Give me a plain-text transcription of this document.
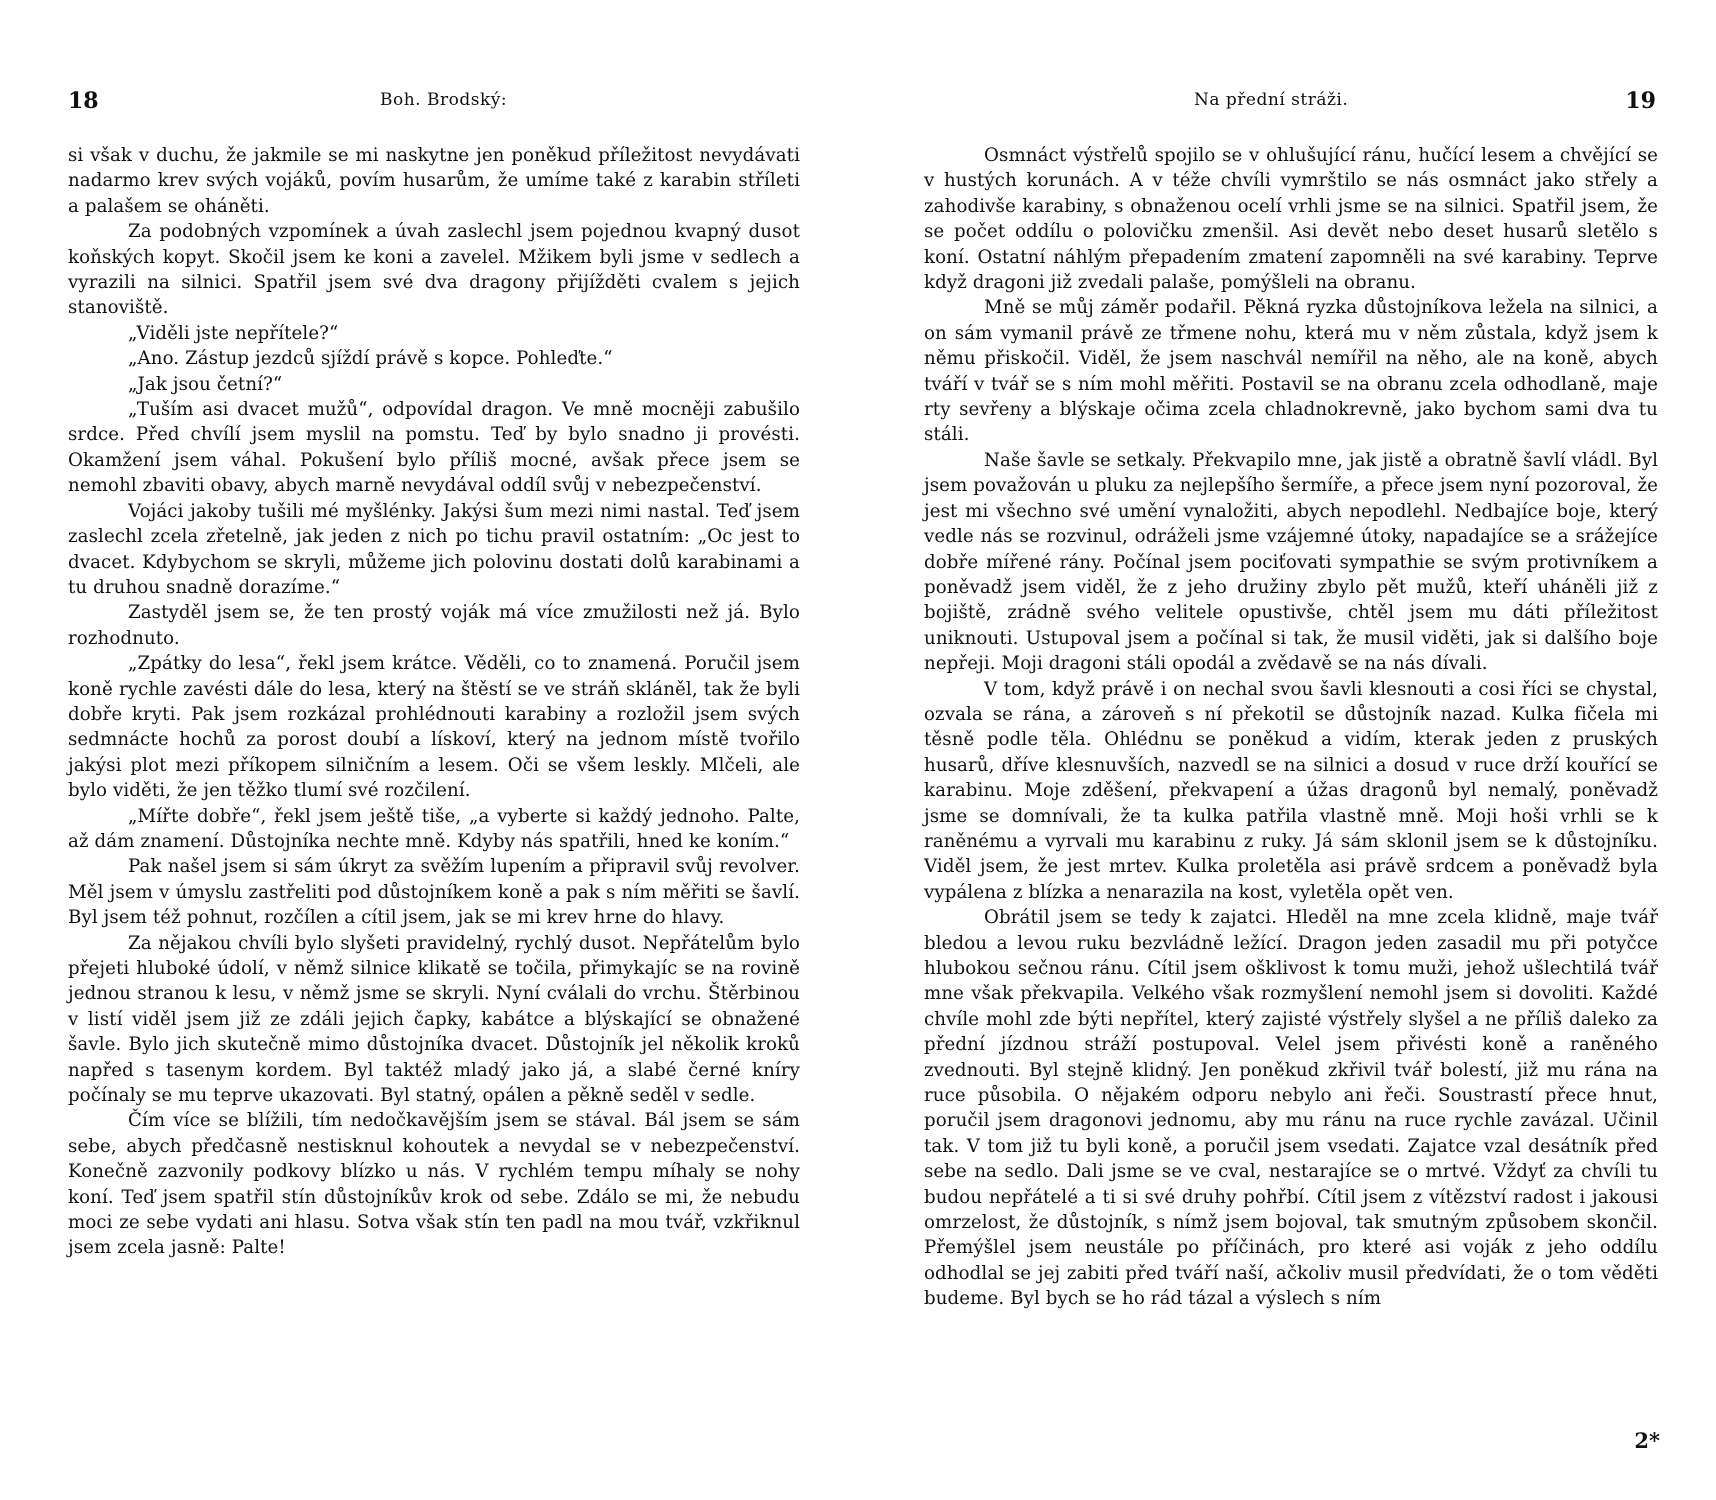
18	Boh. Brodský:

si však v duchu, že jakmile se mi naskytne jen poněkud příležitost nevydávati nadarmo krev svých vojáků, povím husarům, že umíme také z karabin stříleti a palašem se oháněti.

Za podobných vzpomínek a úvah zaslechl jsem pojednou kvapný dusot koňských kopyt. Skočil jsem ke koni a zavelel. Mžikem byli jsme v sedlech a vyrazili na silnici. Spatřil jsem své dva dragony přijížděti cvalem s jejich stanoviště.

„Viděli jste nepřítele?“

„Ano. Zástup jezdců sjíždí právě s kopce. Pohleďte.“

„Jak jsou četní?“

„Tuším asi dvacet mužů“, odpovídal dragon. Ve mně mocněji zabušilo srdce. Před chvílí jsem myslil na pomstu. Teď by bylo snadno ji provésti. Okamžení jsem váhal. Pokušení bylo příliš mocné, avšak přece jsem se nemohl zbaviti obavy, abych marně nevydával oddíl svůj v nebezpečenství.

Vojáci jakoby tušili mé myšlénky. Jakýsi šum mezi nimi nastal. Teď jsem zaslechl zcela zřetelně, jak jeden z nich po tichu pravil ostatním: „Oc jest to dvacet. Kdybychom se skryli, můžeme jich polovinu dostati dolů karabinami a tu druhou snadně dorazíme.“

Zastyděl jsem se, že ten prostý voják má více zmužilosti než já. Bylo rozhodnuto.

„Zpátky do lesa“, řekl jsem krátce. Věděli, co to znamená. Poručil jsem koně rychle zavésti dále do lesa, který na štěstí se ve stráň skláněl, tak že byli dobře kryti. Pak jsem rozkázal prohlédnouti karabiny a rozložil jsem svých sedmnácte hochů za porost doubí a lískoví, který na jednom místě tvořilo jakýsi plot mezi příkopem silničním a lesem. Oči se všem leskly. Mlčeli, ale bylo viděti, že jen těžko tlumí své rozčilení.

„Mířte dobře“, řekl jsem ještě tiše, „a vyberte si každý jednoho. Palte, až dám znamení. Důstojníka nechte mně. Kdyby nás spatřili, hned ke koním.“

Pak našel jsem si sám úkryt za svěžím lupením a připravil svůj revolver. Měl jsem v úmyslu zastřeliti pod důstojníkem koně a pak s ním měřiti se šavlí. Byl jsem též pohnut, rozčílen a cítil jsem, jak se mi krev hrne do hlavy.

Za nějakou chvíli bylo slyšeti pravidelný, rychlý dusot. Nepřátelům bylo přejeti hluboké údolí, v němž silnice klikatě se točila, přimykajíc se na rovině jednou stranou k lesu, v němž jsme se skryli. Nyní cválali do vrchu. Štěrbinou v listí viděl jsem již ze zdáli jejich čapky, kabátce a blýskající se obnažené šavle. Bylo jich skutečně mimo důstojníka dvacet. Důstojník jel několik kroků napřed s tasenym kordem. Byl taktéž mladý jako já, a slabé černé kníry počínaly se mu teprve ukazovati. Byl statný, opálen a pěkně seděl v sedle.

Čím více se blížili, tím nedočkavějším jsem se stával. Bál jsem se sám sebe, abych předčasně nestisknul kohoutek a nevydal se v nebezpečenství. Konečně zazvonily podkovy blízko u nás. V rychlém tempu míhaly se nohy koní. Teď jsem spatřil stín důstojníkův krok od sebe. Zdálo se mi, že nebudu moci ze sebe vydati ani hlasu. Sotva však stín ten padl na mou tvář, vzkřiknul jsem zcela jasně: Palte!

Na přední stráži.	19

Osmnáct výstřelů spojilo se v ohlušující ránu, hučící lesem a chvějící se v hustých korunách. A v téže chvíli vymrštilo se nás osmnáct jako střely a zahodivše karabiny, s obnaženou ocelí vrhli jsme se na silnici. Spatřil jsem, že se počet oddílu o polovičku zmenšil. Asi devět nebo deset husarů sletělo s koní. Ostatní náhlým přepadením zmatení zapomněli na své karabiny. Teprve když dragoni již zvedali palaše, pomýšleli na obranu.

Mně se můj záměr podařil. Pěkná ryzka důstojníkova ležela na silnici, a on sám vymanil právě ze třmene nohu, která mu v něm zůstala, když jsem k němu přiskočil. Viděl, že jsem naschvál nemířil na něho, ale na koně, abych tváří v tvář se s ním mohl měřiti. Postavil se na obranu zcela odhodlaně, maje rty sevřeny a blýskaje očima zcela chladnokrevně, jako bychom sami dva tu stáli.

Naše šavle se setkaly. Překvapilo mne, jak jistě a obratně šavlí vládl. Byl jsem považován u pluku za nejlepšího šermíře, a přece jsem nyní pozoroval, že jest mi všechno své umění vynaložiti, abych nepodlehl. Nedbajíce boje, který vedle nás se rozvinul, odráželi jsme vzájemné útoky, napadajíce se a srážejíce dobře mířené rány. Počínal jsem pociťovati sympathie se svým protivníkem a poněvadž jsem viděl, že z jeho družiny zbylo pět mužů, kteří uháněli již z bojiště, zrádně svého velitele opustivše, chtěl jsem mu dáti příležitost uniknouti. Ustupoval jsem a počínal si tak, že musil viděti, jak si dalšího boje nepřeji. Moji dragoni stáli opodál a zvědavě se na nás dívali.

V tom, když právě i on nechal svou šavli klesnouti a cosi říci se chystal, ozvala se rána, a zároveň s ní překotil se důstojník nazad. Kulka fičela mi těsně podle těla. Ohlédnu se poněkud a vidím, kterak jeden z pruských husarů, dříve klesnuvších, nazvedl se na silnici a dosud v ruce drží kouřící se karabinu. Moje zděšení, překvapení a úžas dragonů byl nemalý, poněvadž jsme se domnívali, že ta kulka patřila vlastně mně. Moji hoši vrhli se k raněnému a vyrvali mu karabinu z ruky. Já sám sklonil jsem se k důstojníku. Viděl jsem, že jest mrtev. Kulka proletěla asi právě srdcem a poněvadž byla vypálena z blízka a nenarazila na kost, vyletěla opět ven.

Obrátil jsem se tedy k zajatci. Hleděl na mne zcela klidně, maje tvář bledou a levou ruku bezvládně ležící. Dragon jeden zasadil mu při potyčce hlubokou sečnou ránu. Cítil jsem ošklivost k tomu muži, jehož ušlechtilá tvář mne však překvapila. Velkého však rozmyšlení nemohl jsem si dovoliti. Každé chvíle mohl zde býti nepřítel, který zajisté výstřely slyšel a ne příliš daleko za přední jízdnou stráží postupoval. Velel jsem přivésti koně a raněného zvednouti. Byl stejně klidný. Jen poněkud zkřivil tvář bolestí, již mu rána na ruce působila. O nějakém odporu nebylo ani řeči. Soustrastí přece hnut, poručil jsem dragonovi jednomu, aby mu ránu na ruce rychle zavázal. Učinil tak. V tom již tu byli koně, a poručil jsem vsedati. Zajatce vzal desátník před sebe na sedlo. Dali jsme se ve cval, nestarajíce se o mrtvé. Vždyť za chvíli tu budou nepřátelé a ti si své druhy pohřbí. Cítil jsem z vítězství radost i jakousi omrzelost, že důstojník, s nímž jsem bojoval, tak smutným způsobem skončil. Přemýšlel jsem neustále po příčinách, pro které asi voják z jeho oddílu odhodlal se jej zabiti před tváří naší, ačkoliv musil předvídati, že o tom věděti budeme. Byl bych se ho rád tázal a výslech s ním

2*
